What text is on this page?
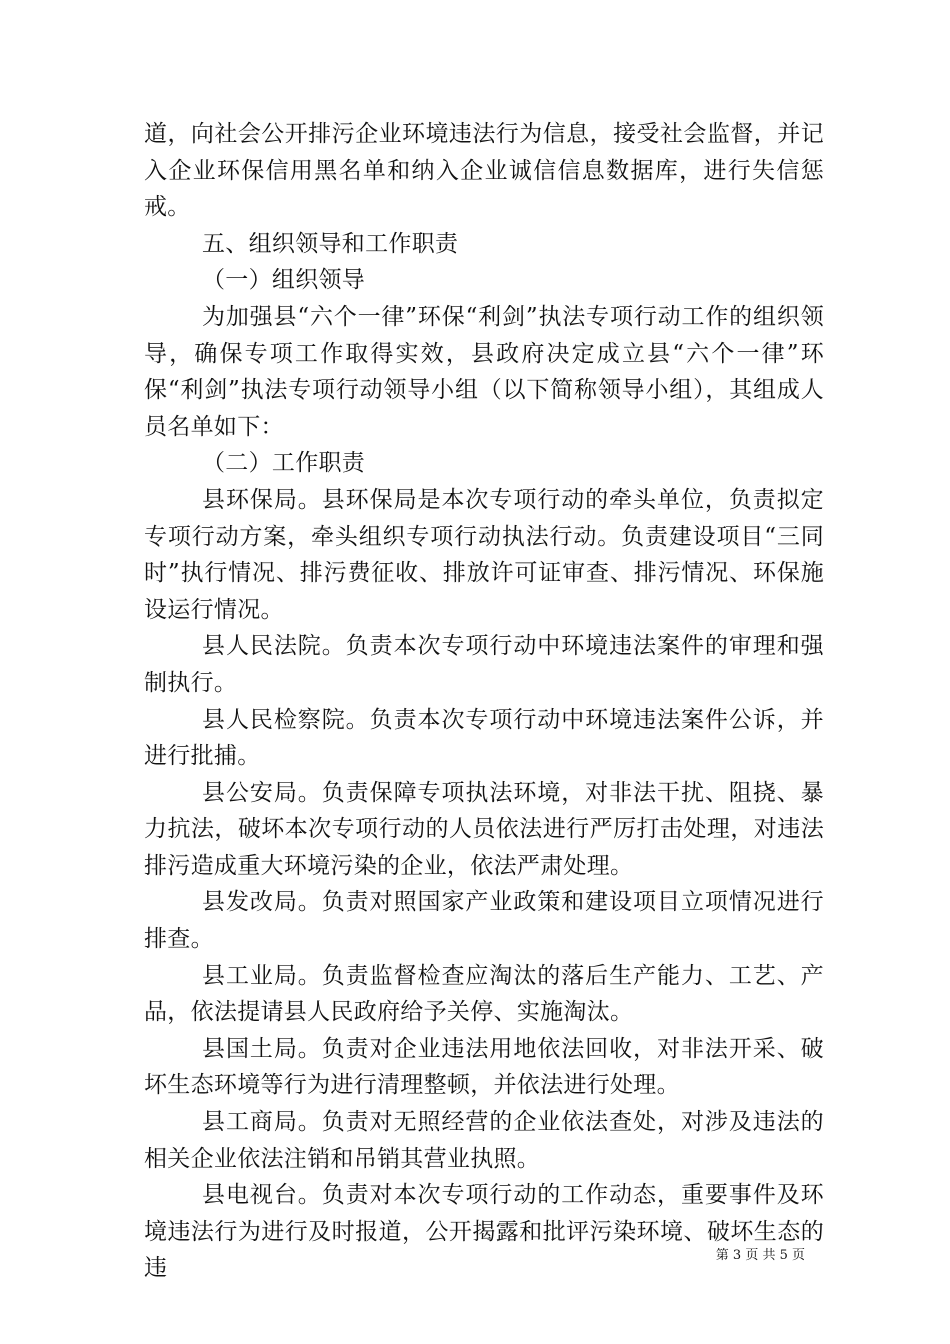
道，向社会公开排污企业环境违法行为信息，接受社会监督，并记入企业环保信用黑名单和纳入企业诚信信息数据库，进行失信惩戒。

五、组织领导和工作职责

（一）组织领导

为加强县“六个一律”环保“利剑”执法专项行动工作的组织领导，确保专项工作取得实效，县政府决定成立县“六个一律”环保“利剑”执法专项行动领导小组（以下简称领导小组），其组成人员名单如下：

（二）工作职责

县环保局。县环保局是本次专项行动的牵头单位，负责拟定专项行动方案，牵头组织专项行动执法行动。负责建设项目“三同时”执行情况、排污费征收、排放许可证审查、排污情况、环保施设运行情况。

县人民法院。负责本次专项行动中环境违法案件的审理和强制执行。

县人民检察院。负责本次专项行动中环境违法案件公诉，并进行批捕。

县公安局。负责保障专项执法环境，对非法干扰、阻挠、暴力抗法，破坏本次专项行动的人员依法进行严厉打击处理，对违法排污造成重大环境污染的企业，依法严肃处理。

县发改局。负责对照国家产业政策和建设项目立项情况进行排查。

县工业局。负责监督检查应淘汰的落后生产能力、工艺、产品，依法提请县人民政府给予关停、实施淘汰。

县国土局。负责对企业违法用地依法回收，对非法开采、破坏生态环境等行为进行清理整顿，并依法进行处理。

县工商局。负责对无照经营的企业依法查处，对涉及违法的相关企业依法注销和吊销其营业执照。

县电视台。负责对本次专项行动的工作动态，重要事件及环境违法行为进行及时报道，公开揭露和批评污染环境、破坏生态的违	第 3 页 共 5 页
